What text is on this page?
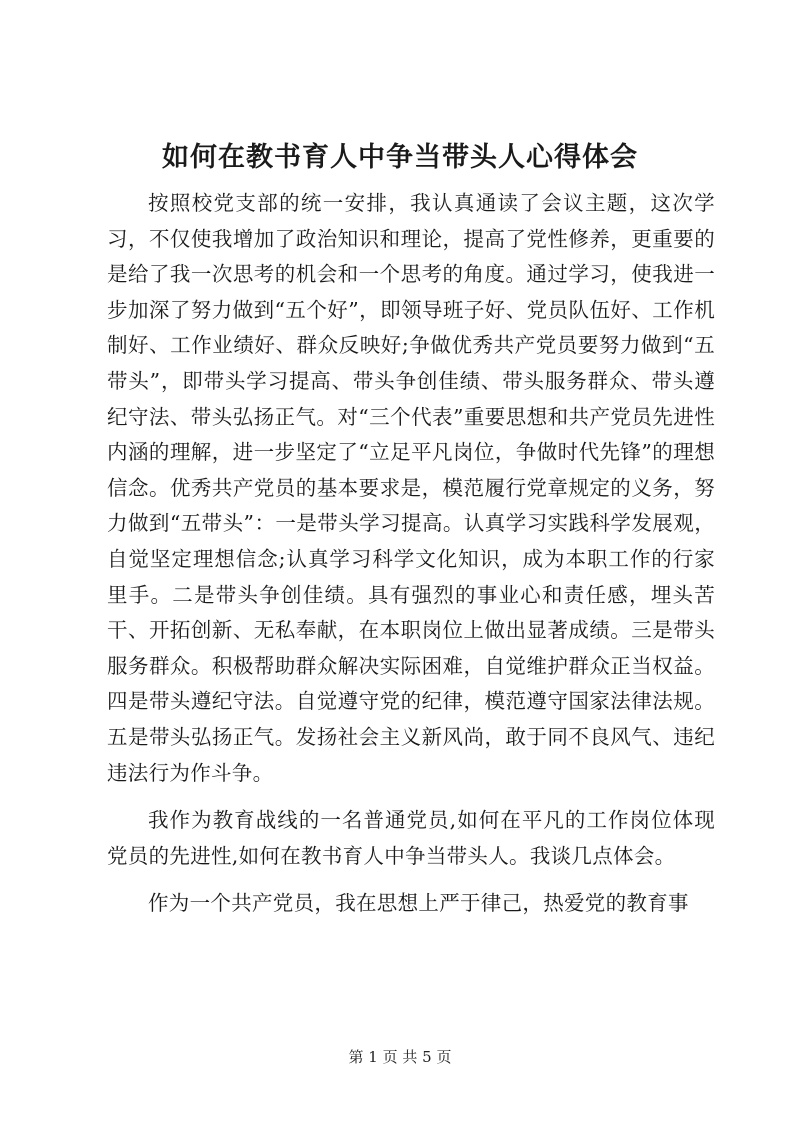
如何在教书育人中争当带头人心得体会

按照校党支部的统一安排，我认真通读了会议主题，这次学习，不仅使我增加了政治知识和理论，提高了党性修养，更重要的是给了我一次思考的机会和一个思考的角度。通过学习，使我进一步加深了努力做到“五个好”，即领导班子好、党员队伍好、工作机制好、工作业绩好、群众反映好;争做优秀共产党员要努力做到“五带头”，即带头学习提高、带头争创佳绩、带头服务群众、带头遵纪守法、带头弘扬正气。对“三个代表”重要思想和共产党员先进性内涵的理解，进一步坚定了“立足平凡岗位，争做时代先锋”的理想信念。优秀共产党员的基本要求是，模范履行党章规定的义务，努力做到“五带头”：一是带头学习提高。认真学习实践科学发展观，自觉坚定理想信念;认真学习科学文化知识，成为本职工作的行家里手。二是带头争创佳绩。具有强烈的事业心和责任感，埋头苦干、开拓创新、无私奉献，在本职岗位上做出显著成绩。三是带头服务群众。积极帮助群众解决实际困难，自觉维护群众正当权益。四是带头遵纪守法。自觉遵守党的纪律，模范遵守国家法律法规。五是带头弘扬正气。发扬社会主义新风尚，敢于同不良风气、违纪违法行为作斗争。

我作为教育战线的一名普通党员,如何在平凡的工作岗位体现党员的先进性,如何在教书育人中争当带头人。我谈几点体会。

作为一个共产党员，我在思想上严于律己，热爱党的教育事

第 1 页 共 5 页
